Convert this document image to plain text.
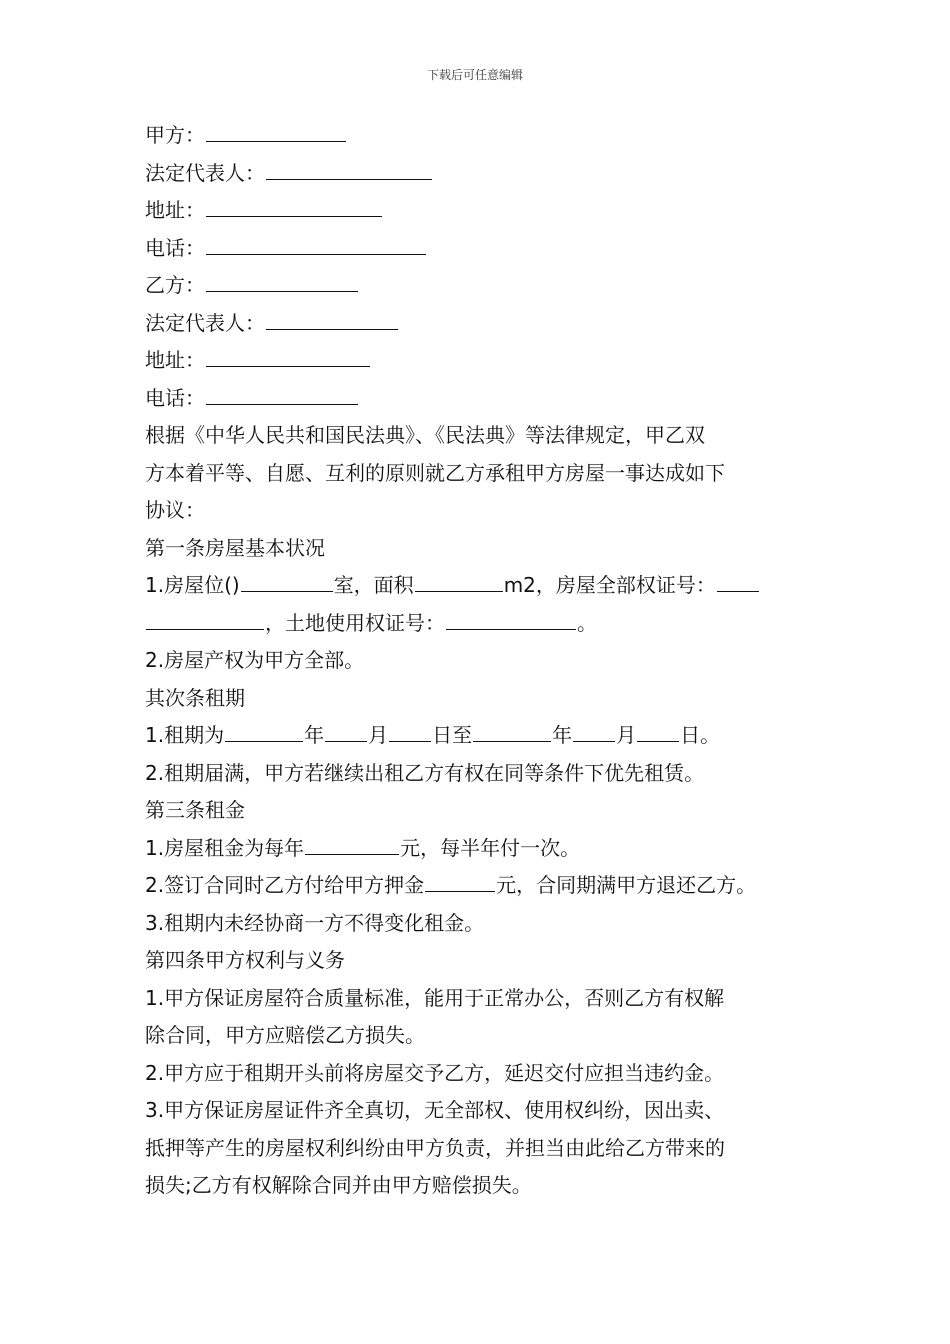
下载后可任意编辑
甲方：
法定代表人：
地址：
电话：
乙方：
法定代表人：
地址：
电话：
根据《中华人民共和国民法典》、《民法典》等法律规定，甲乙双
方本着平等、自愿、互利的原则就乙方承租甲方房屋一事达成如下
协议：
第一条房屋基本状况
1.房屋位()	室，面积	m2，房屋全部权证号：
，土地使用权证号：	。
2.房屋产权为甲方全部。
其次条租期
1.租期为	年 月 日至	年 月 日。
2.租期届满，甲方若继续出租乙方有权在同等条件下优先租赁。
第三条租金
1.房屋租金为每年	元，每半年付一次。
2.签订合同时乙方付给甲方押金	元，合同期满甲方退还乙方。
3.租期内未经协商一方不得变化租金。
第四条甲方权利与义务
1.甲方保证房屋符合质量标准，能用于正常办公，否则乙方有权解
除合同，甲方应赔偿乙方损失。
2.甲方应于租期开头前将房屋交予乙方，延迟交付应担当违约金。
3.甲方保证房屋证件齐全真切，无全部权、使用权纠纷，因出卖、
抵押等产生的房屋权利纠纷由甲方负责，并担当由此给乙方带来的
损失;乙方有权解除合同并由甲方赔偿损失。
